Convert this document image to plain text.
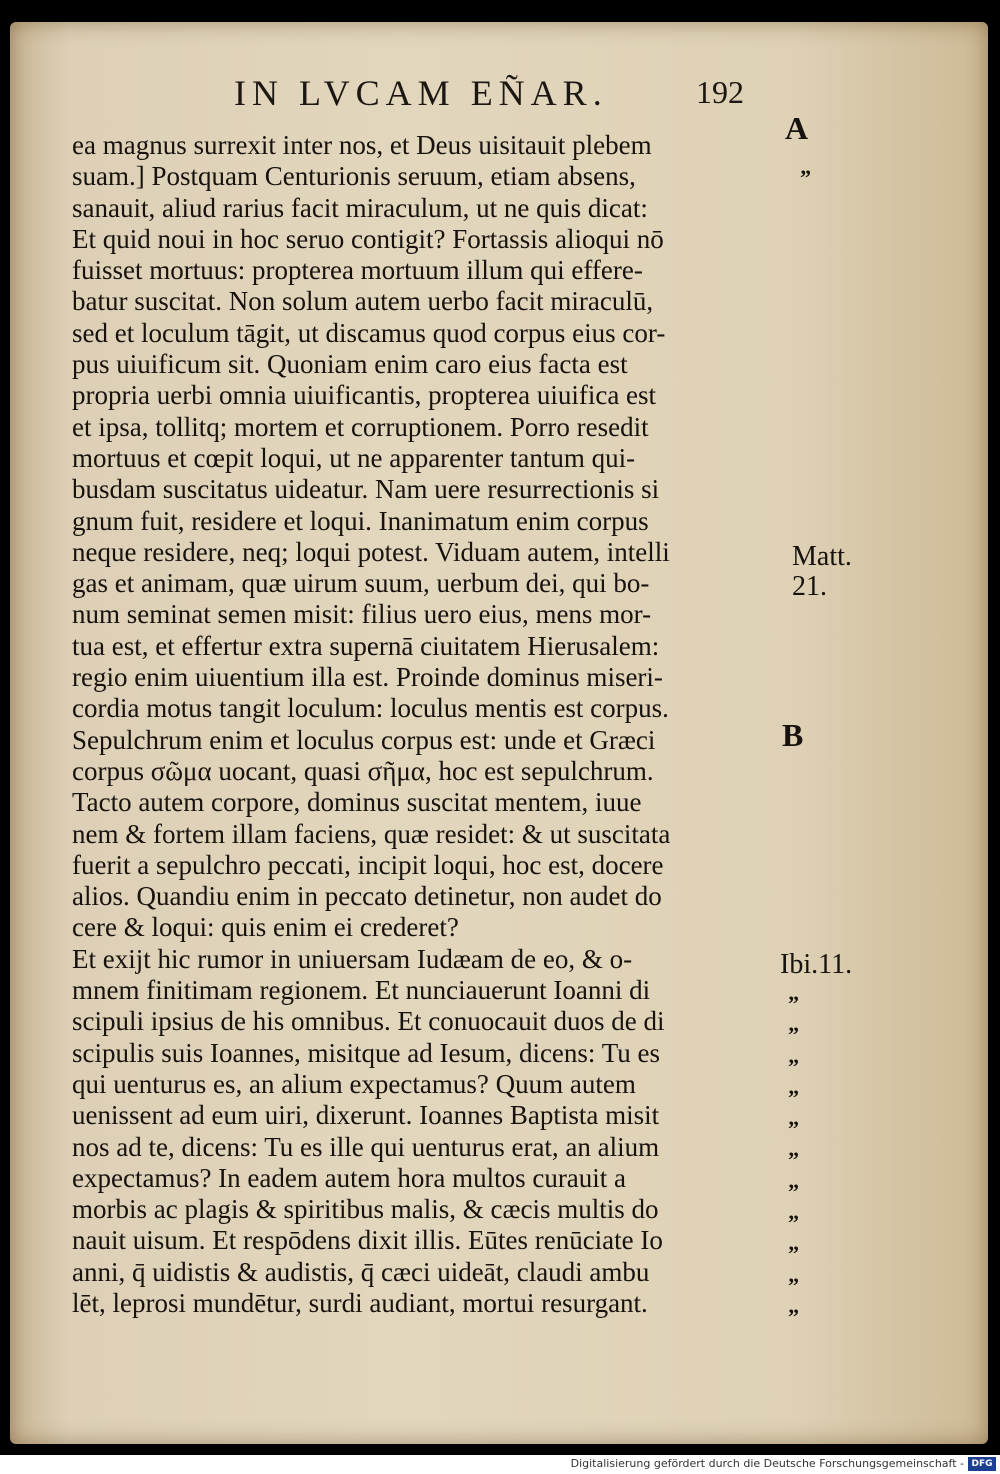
IN LVCAM EÑAR.	192
ea magnus surrexit inter nos, et Deus uisitauit plebem
suam.] Postquam Centurionis seruum, etiam absens,
sanauit, aliud rarius facit miraculum, ut ne quis dicat:
Et quid noui in hoc seruo contigit? Fortassis alioqui nō
fuisset mortuus: propterea mortuum illum qui effere-
batur suscitat. Non solum autem uerbo facit miraculū,
sed et loculum tāgit, ut discamus quod corpus eius cor-
pus uiuificum sit. Quoniam enim caro eius facta est
propria uerbi omnia uiuificantis, propterea uiuifica est
et ipsa, tollitq; mortem et corruptionem. Porro resedit
mortuus et cœpit loqui, ut ne apparenter tantum qui-
busdam suscitatus uideatur. Nam uere resurrectionis si
gnum fuit, residere et loqui. Inanimatum enim corpus
neque residere, neq; loqui potest. Viduam autem, intelli
gas et animam, quæ uirum suum, uerbum dei, qui bo-
num seminat semen misit: filius uero eius, mens mor-
tua est, et effertur extra supernā ciuitatem Hierusalem:
regio enim uiuentium illa est. Proinde dominus miseri-
cordia motus tangit loculum: loculus mentis est corpus.
Sepulchrum enim et loculus corpus est: unde et Græci
corpus σῶμα uocant, quasi σῆμα, hoc est sepulchrum.
Tacto autem corpore, dominus suscitat mentem, iuue
nem & fortem illam faciens, quæ residet: & ut suscitata
fuerit a sepulchro peccati, incipit loqui, hoc est, docere
alios. Quandiu enim in peccato detinetur, non audet do
cere & loqui: quis enim ei crederet?
Et exijt hic rumor in uniuersam Iudæam de eo, & o-
mnem finitimam regionem. Et nunciauerunt Ioanni di
scipuli ipsius de his omnibus. Et conuocauit duos de di
scipulis suis Ioannes, misitque ad Iesum, dicens: Tu es
qui uenturus es, an alium expectamus? Quum autem
uenissent ad eum uiri, dixerunt. Ioannes Baptista misit
nos ad te, dicens: Tu es ille qui uenturus erat, an alium
expectamus? In eadem autem hora multos curauit a
morbis ac plagis & spiritibus malis, & cæcis multis do
nauit uisum. Et respōdens dixit illis. Eūtes renūciate Io
anni, q̄ uidistis & audistis, q̄ cæci uideāt, claudi ambu
lēt, leprosi mundētur, surdi audiant, mortui resurgant.
A
”
Matt.
21.
B
Ibi.11.
”
”
”
”
”
”
”
”
”
”
”
Digitalisierung gefördert durch die Deutsche Forschungsgemeinschaft - DFG
